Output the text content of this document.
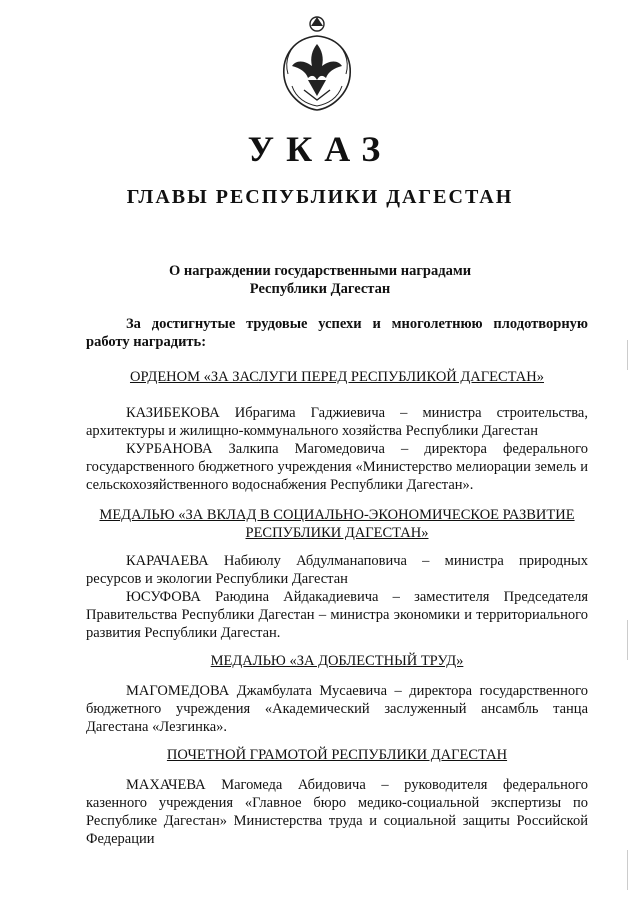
УКАЗ
ГЛАВЫ РЕСПУБЛИКИ ДАГЕСТАН
О награждении государственными наградами
Республики Дагестан
За достигнутые трудовые успехи и многолетнюю плодотворную
работу наградить:
ОРДЕНОМ «ЗА ЗАСЛУГИ ПЕРЕД РЕСПУБЛИКОЙ ДАГЕСТАН»
КАЗИБЕКОВА Ибрагима Гаджиевича – министра строительства, архитектуры и жилищно-коммунального хозяйства Республики Дагестан
КУРБАНОВА Залкипа Магомедовича – директора федерального государственного бюджетного учреждения «Министерство мелиорации земель и сельскохозяйственного водоснабжения Республики Дагестан».
МЕДАЛЬЮ «ЗА ВКЛАД В СОЦИАЛЬНО-ЭКОНОМИЧЕСКОЕ РАЗВИТИЕ
РЕСПУБЛИКИ ДАГЕСТАН»
КАРАЧАЕВА Набиюлу Абдулманаповича – министра природных ресурсов и экологии Республики Дагестан
ЮСУФОВА Раюдина Айдакадиевича – заместителя Председателя Правительства Республики Дагестан – министра экономики и территориального развития Республики Дагестан.
МЕДАЛЬЮ «ЗА ДОБЛЕСТНЫЙ ТРУД»
МАГОМЕДОВА Джамбулата Мусаевича – директора государственного бюджетного учреждения «Академический заслуженный ансамбль танца Дагестана «Лезгинка».
ПОЧЕТНОЙ ГРАМОТОЙ РЕСПУБЛИКИ ДАГЕСТАН
МАХАЧЕВА Магомеда Абидовича – руководителя федерального казенного учреждения «Главное бюро медико-социальной экспертизы по Республике Дагестан» Министерства труда и социальной защиты Российской Федерации
